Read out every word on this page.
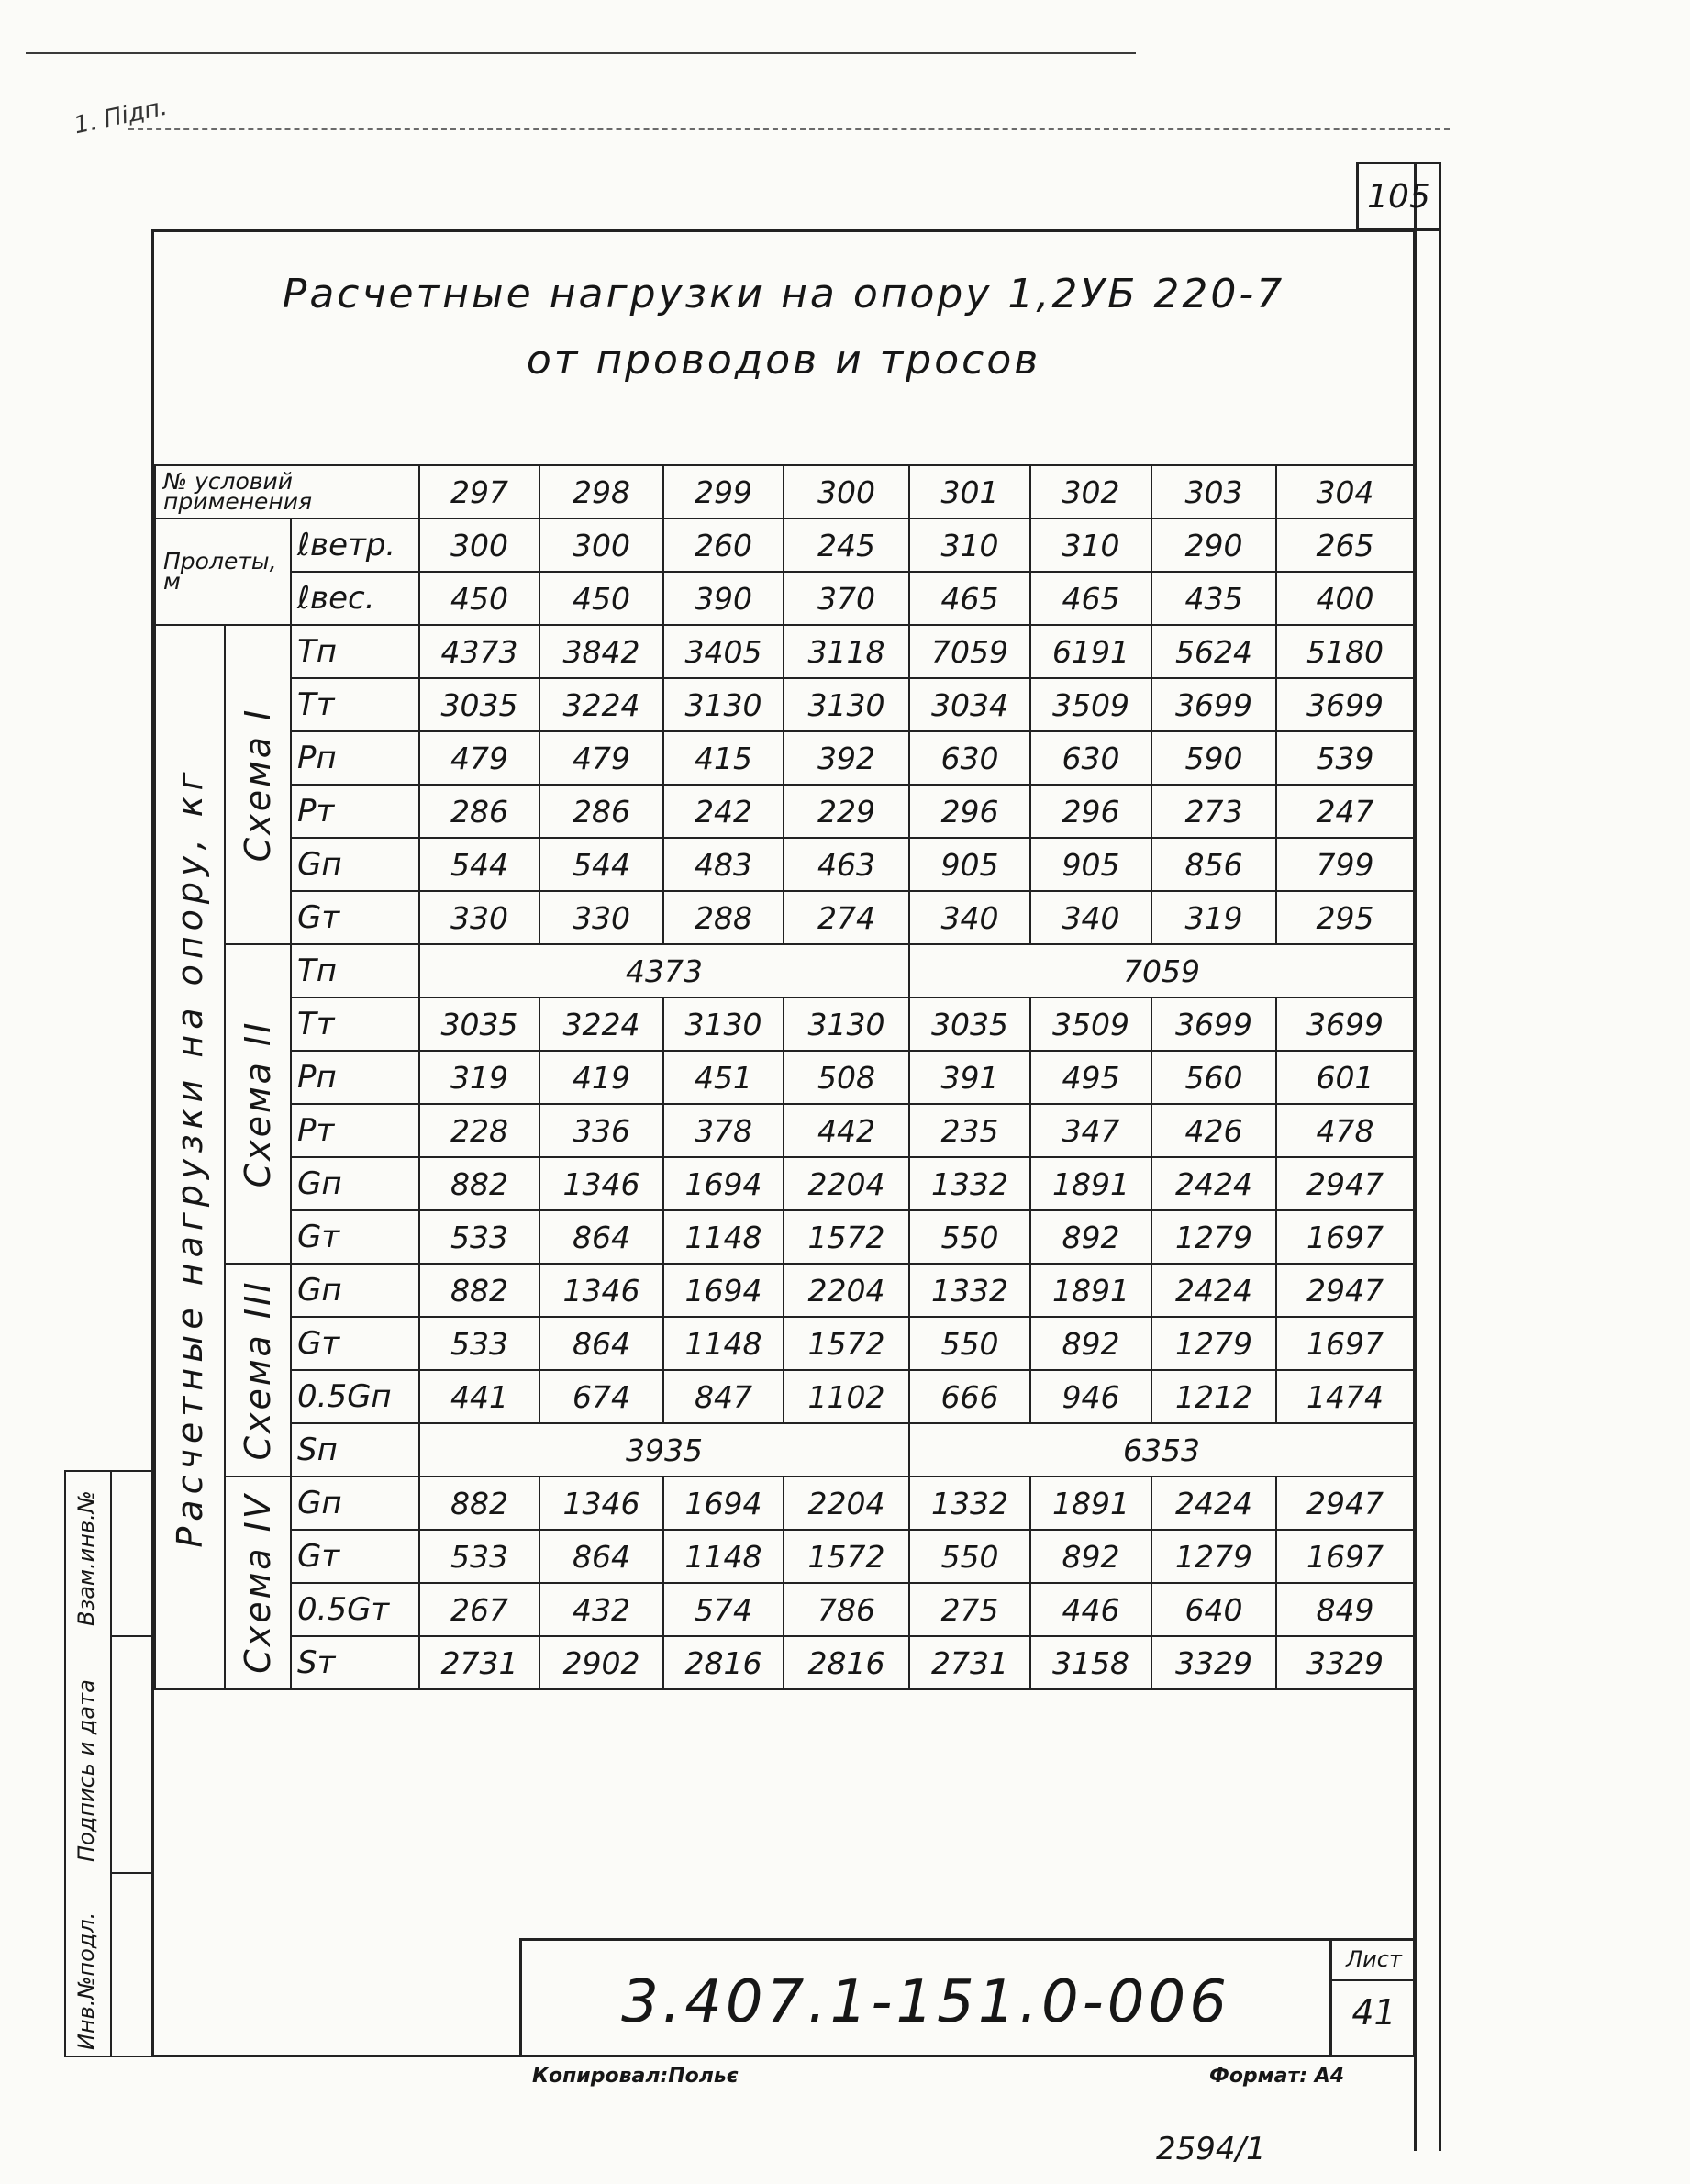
1. Підп.
105
Расчетные нагрузки на опору 1,2УБ 220-7
от проводов и тросов
№ условий применения			297	298	299	300	301	302	303	304
Пролеты, м		ℓветр.	300	300	260	245	310	310	290	265
		ℓвес.	450	450	390	370	465	465	435	400

Расчетные нагрузки на опору, кг	Схема I	Тп	4373	3842	3405	3118	7059	6191	5624	5180
		Тт	3035	3224	3130	3130	3034	3509	3699	3699
		Рп	479	479	415	392	630	630	590	539
		Рт	286	286	242	229	296	296	273	247
		Gп	544	544	483	463	905	905	856	799
		Gт	330	330	288	274	340	340	319	295

	Схема II	Тп	4373				7059			
		Тт	3035	3224	3130	3130	3035	3509	3699	3699
		Рп	319	419	451	508	391	495	560	601
		Рт	228	336	378	442	235	347	426	478
		Gп	882	1346	1694	2204	1332	1891	2424	2947
		Gт	533	864	1148	1572	550	892	1279	1697

	Схема III	Gп	882	1346	1694	2204	1332	1891	2424	2947
		Gт	533	864	1148	1572	550	892	1279	1697
		0.5Gп	441	674	847	1102	666	946	1212	1474
		Sп	3935				6353			

	Схема IV	Gп	882	1346	1694	2204	1332	1891	2424	2947
		Gт	533	864	1148	1572	550	892	1279	1697
		0.5Gт	267	432	574	786	275	446	640	849
		Sт	2731	2902	2816	2816	2731	3158	3329	3329
Инв.№подл.
Подпись и дата
Взам.инв.№
3.407.1-151.0-006
Лист
41
Копировал:Польє	Формат: А4
2594/1
